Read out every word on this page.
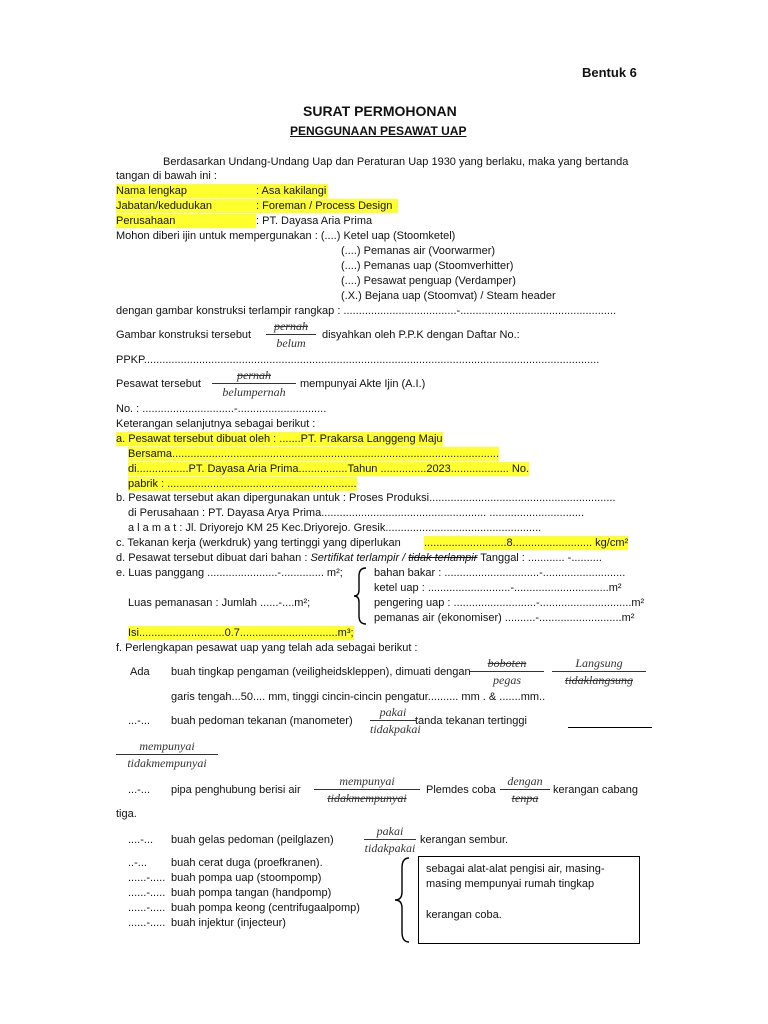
Bentuk 6
SURAT PERMOHONAN
PENGGUNAAN PESAWAT UAP
Berdasarkan Undang-Undang Uap dan Peraturan Uap 1930 yang berlaku, maka yang bertanda
tangan di bawah ini :
Nama lengkap	: Asa kakilangi
Jabatan/kedudukan	: Foreman / Process Design
Perusahaan	: PT. Dayasa Aria Prima
Mohon diberi ijin untuk mempergunakan : (....) Ketel uap (Stoomketel)
(....) Pemanas air (Voorwarmer)
(....) Pemanas uap (Stoomverhitter)
(....) Pesawat penguap (Verdamper)
(.X.) Bejana uap (Stoomvat) / Steam header
dengan gambar konstruksi terlampir rangkap : .....................................-...................................................
Gambar konstruksi tersebut
pernah
belum
disyahkan oleh P.P.K dengan Daftar No.:
PPKP.....................................................................................................................................................
Pesawat tersebut
pernah
belumpernah
mempunyai Akte Ijin (A.I.)
No. : ..............................-.............................
Keterangan selanjutnya sebagai berikut :
a. Pesawat tersebut dibuat oleh : .......PT. Prakarsa Langgeng Maju
Bersama...........................................................................................................
di.................PT. Dayasa Aria Prima................Tahun ...............2023................... No.
pabrik : ..............................................................
b. Pesawat tersebut akan dipergunakan untuk : Proses Produksi.............................................................
di Perusahaan : PT. Dayasa Arya Prima...................................................... ...............................
a l a m a t : Jl. Driyorejo KM 25 Kec.Driyorejo. Gresik...................................................
c. Tekanan kerja (werkdruk) yang tertinggi yang diperlukan ...........................8.......................... kg/cm²
d. Pesawat tersebut dibuat dari bahan : Sertifikat terlampir / tidak terlampir Tanggal : ............ -..........
e. Luas panggang .......................-.............. m²;	bahan bakar : ...............................-...........................
ketel uap : ...........................-...............................m²
Luas pemanasan : Jumlah ......-....m²;	pengering uap : ...........................-..............................m²
pemanas air (ekonomiser) ..........-...........................m²
Isi............................0.7................................m³;
f. Perlengkapan pesawat uap yang telah ada sebagai berikut :
Ada buah tingkap pengaman (veiligheidskleppen), dimuati dengan
boboten
pegas
Langsung
tidaklangsung
garis tengah...50.... mm, tinggi cincin-cincin pengatur.......... mm . & .......mm..
...-... buah pedoman tekanan (manometer)
pakai
tidakpakai
tanda tekanan tertinggi
mempunyai
tidakmempunyai
...-... pipa penghubung berisi air
mempunyai
tidakmempunyai
Plemdes coba
dengan
tenpa
kerangan cabang
tiga.
....-... buah gelas pedoman (peilglazen)
pakai
tidakpakai
kerangan sembur.
..-... buah cerat duga (proefkranen).
......-..... buah pompa uap (stoompomp)
......-..... buah pompa tangan (handpomp)
......-..... buah pompa keong (centrifugaalpomp)
......-..... buah injektur (injecteur)
sebagai alat-alat pengisi air, masing-
masing mempunyai rumah tingkap
kerangan coba.
